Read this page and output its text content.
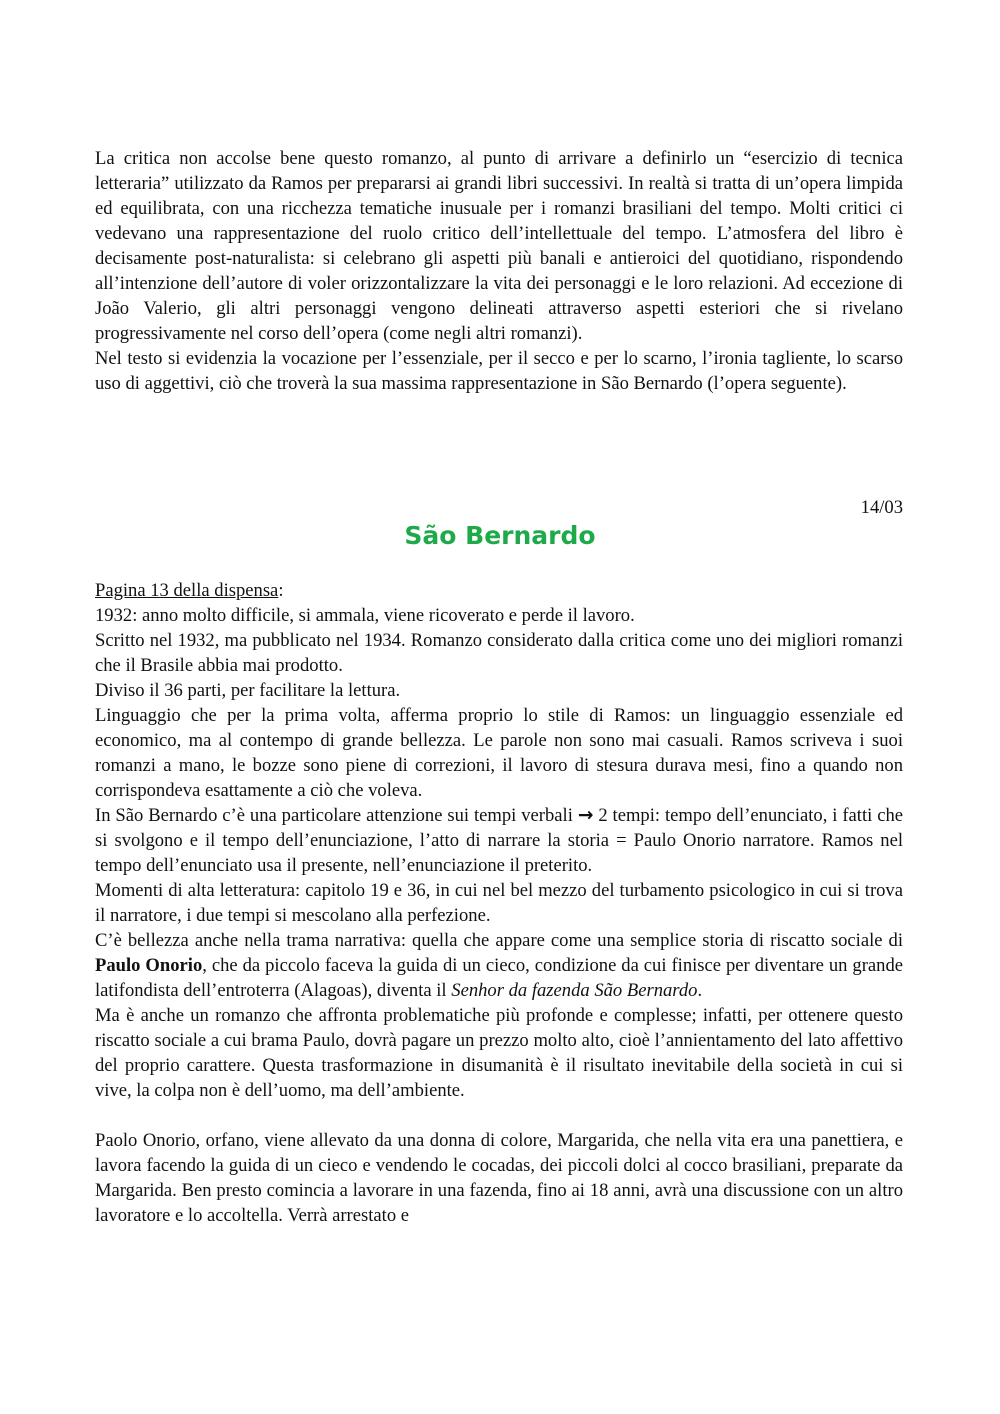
La critica non accolse bene questo romanzo, al punto di arrivare a definirlo un “esercizio di tecnica letteraria” utilizzato da Ramos per prepararsi ai grandi libri successivi. In realtà si tratta di un’opera limpida ed equilibrata, con una ricchezza tematiche inusuale per i romanzi brasiliani del tempo. Molti critici ci vedevano una rappresentazione del ruolo critico dell’intellettuale del tempo. L’atmosfera del libro è decisamente post-naturalista: si celebrano gli aspetti più banali e antieroici del quotidiano, rispondendo all’intenzione dell’autore di voler orizzontalizzare la vita dei personaggi e le loro relazioni. Ad eccezione di João Valerio, gli altri personaggi vengono delineati attraverso aspetti esteriori che si rivelano progressivamente nel corso dell’opera (come negli altri romanzi).

Nel testo si evidenzia la vocazione per l’essenziale, per il secco e per lo scarno, l’ironia tagliente, lo scarso uso di aggettivi, ciò che troverà la sua massima rappresentazione in São Bernardo (l’opera seguente).

14/03
São Bernardo

Pagina 13 della dispensa:

1932: anno molto difficile, si ammala, viene ricoverato e perde il lavoro.

Scritto nel 1932, ma pubblicato nel 1934. Romanzo considerato dalla critica come uno dei migliori romanzi che il Brasile abbia mai prodotto.

Diviso il 36 parti, per facilitare la lettura.

Linguaggio che per la prima volta, afferma proprio lo stile di Ramos: un linguaggio essenziale ed economico, ma al contempo di grande bellezza. Le parole non sono mai casuali. Ramos scriveva i suoi romanzi a mano, le bozze sono piene di correzioni, il lavoro di stesura durava mesi, fino a quando non corrispondeva esattamente a ciò che voleva.

In São Bernardo c’è una particolare attenzione sui tempi verbali → 2 tempi: tempo dell’enunciato, i fatti che si svolgono e il tempo dell’enunciazione, l’atto di narrare la storia = Paulo Onorio narratore. Ramos nel tempo dell’enunciato usa il presente, nell’enunciazione il preterito.

Momenti di alta letteratura: capitolo 19 e 36, in cui nel bel mezzo del turbamento psicologico in cui si trova il narratore, i due tempi si mescolano alla perfezione.

C’è bellezza anche nella trama narrativa: quella che appare come una semplice storia di riscatto sociale di Paulo Onorio, che da piccolo faceva la guida di un cieco, condizione da cui finisce per diventare un grande latifondista dell’entroterra (Alagoas), diventa il Senhor da fazenda São Bernardo.

Ma è anche un romanzo che affronta problematiche più profonde e complesse; infatti, per ottenere questo riscatto sociale a cui brama Paulo, dovrà pagare un prezzo molto alto, cioè l’annientamento del lato affettivo del proprio carattere. Questa trasformazione in disumanità è il risultato inevitabile della società in cui si vive, la colpa non è dell’uomo, ma dell’ambiente.

Paolo Onorio, orfano, viene allevato da una donna di colore, Margarida, che nella vita era una panettiera, e lavora facendo la guida di un cieco e vendendo le cocadas, dei piccoli dolci al cocco brasiliani, preparate da Margarida. Ben presto comincia a lavorare in una fazenda, fino ai 18 anni, avrà una discussione con un altro lavoratore e lo accoltella. Verrà arrestato e
